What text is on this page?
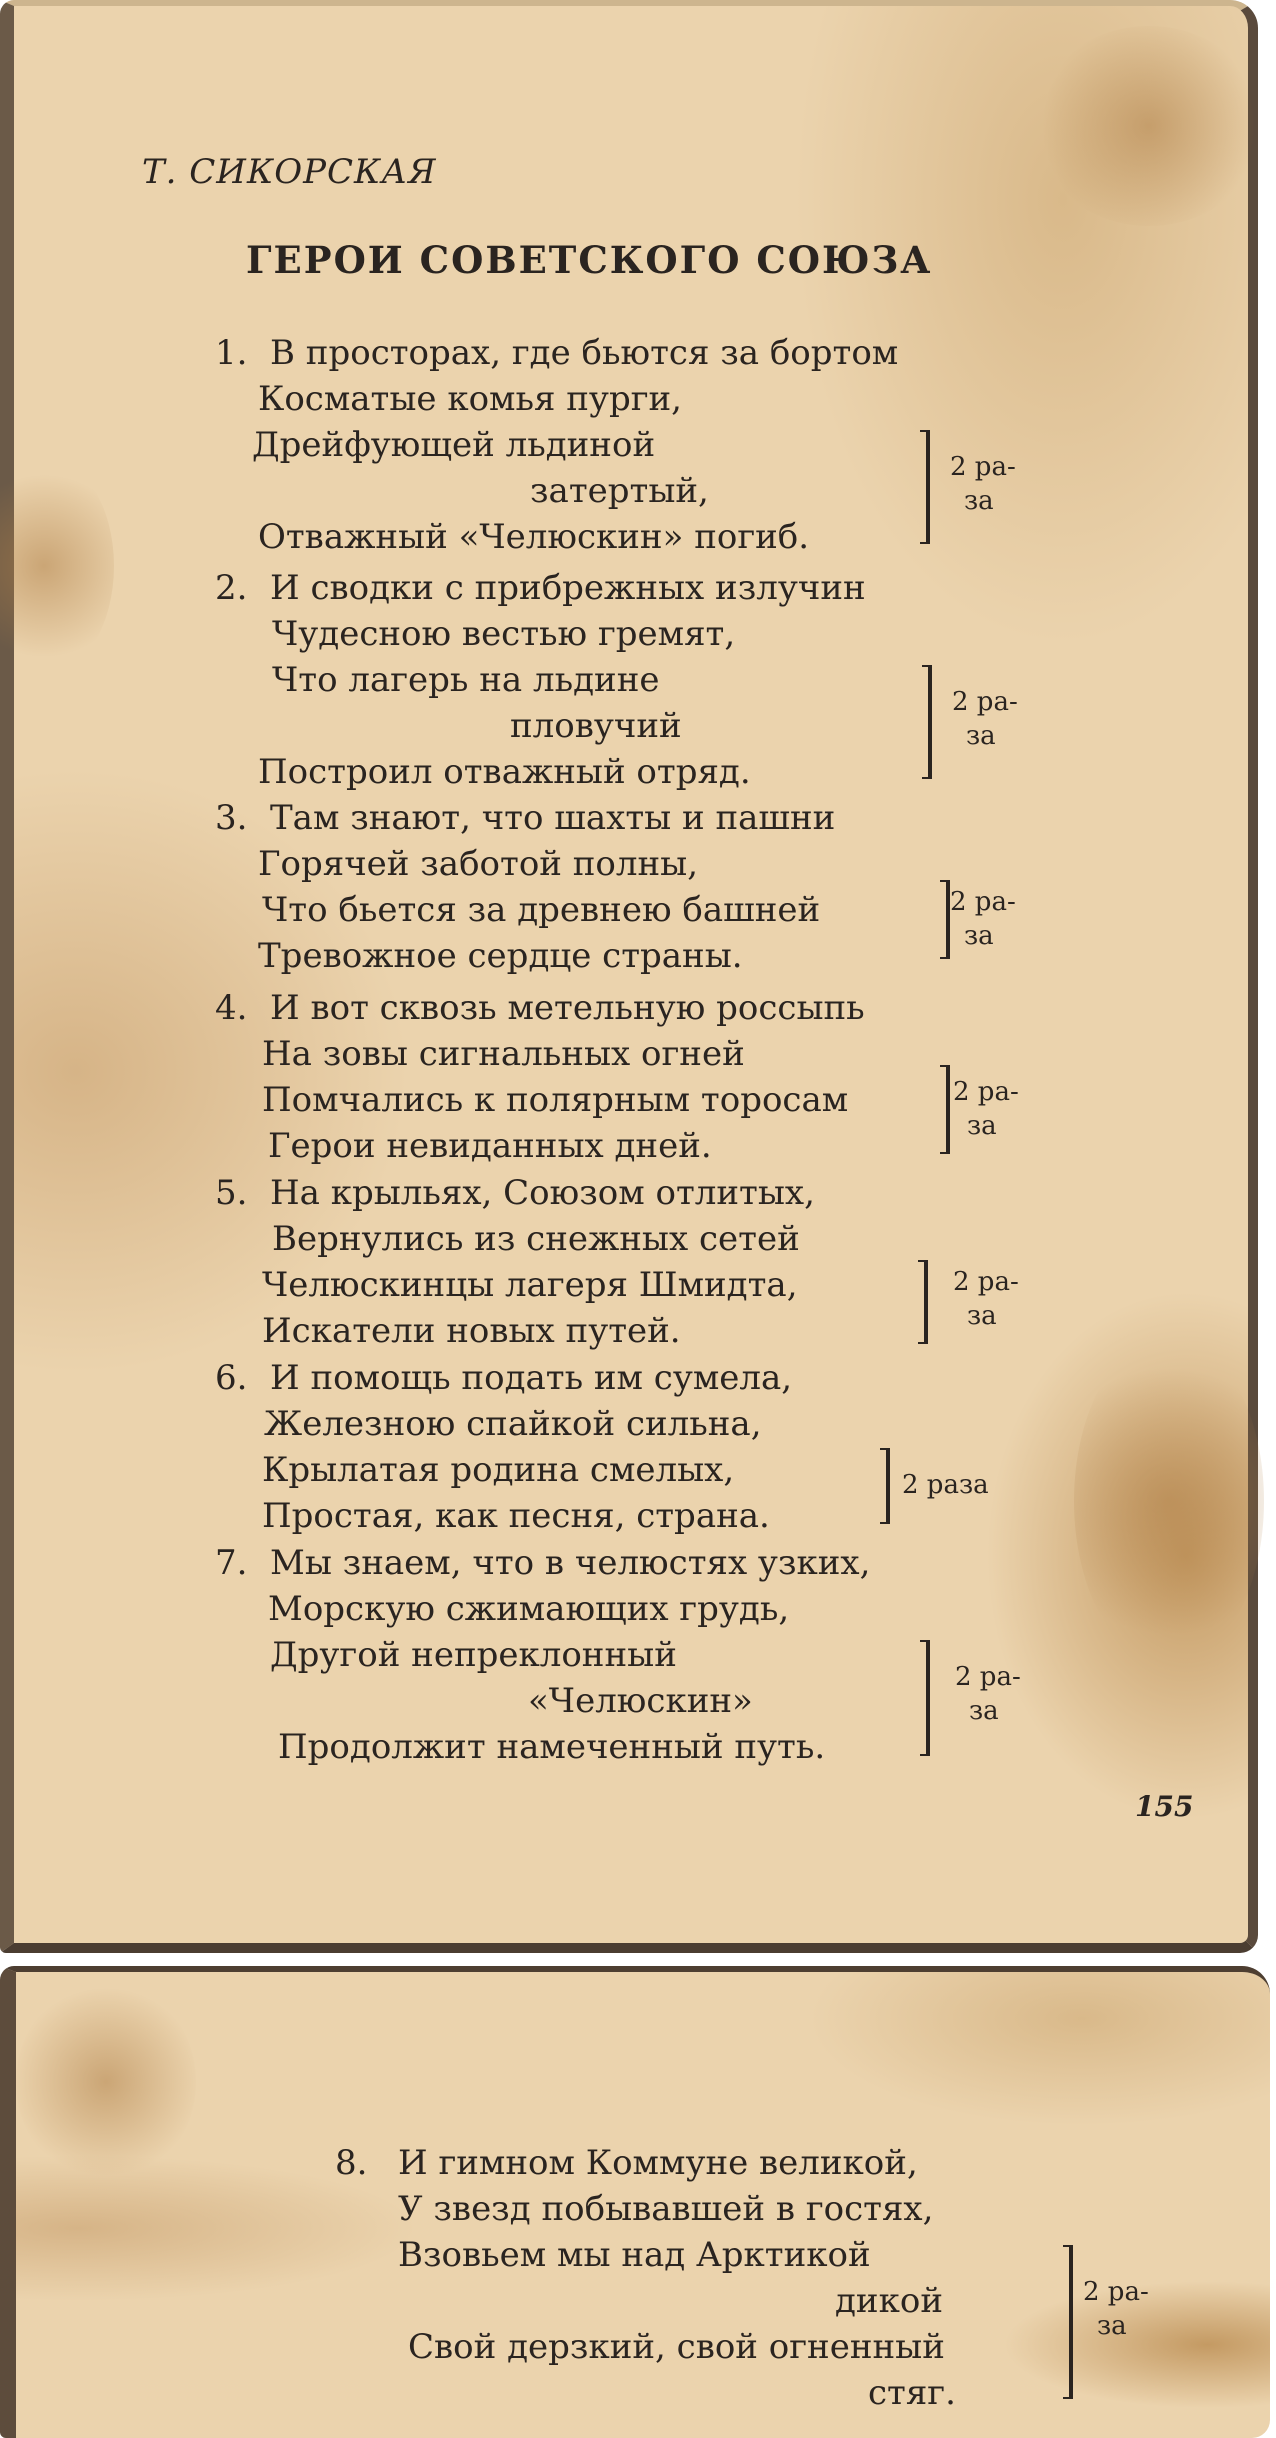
Т. СИКОРСКАЯ
ГЕРОИ СОВЕТСКОГО СОЮЗА
155
1. В просторах, где бьются за бортом
Косматые комья пурги,
Дрейфующей льдиной
затертый,
Отважный «Челюскин» погиб.
2 ра-
за
2. И сводки с прибрежных излучин
Чудесною вестью гремят,
Что лагерь на льдине
пловучий
Построил отважный отряд.
2 ра-
за
3. Там знают, что шахты и пашни
Горячей заботой полны,
Что бьется за древнею башней
Тревожное сердце страны.
2 ра-
за
4. И вот сквозь метельную россыпь
На зовы сигнальных огней
Помчались к полярным торосам
Герои невиданных дней.
2 ра-
за
5. На крыльях, Союзом отлитых,
Вернулись из снежных сетей
Челюскинцы лагеря Шмидта,
Искатели новых путей.
2 ра-
за
6. И помощь подать им сумела,
Железною спайкой сильна,
Крылатая родина смелых,
Простая, как песня, страна.
2 раза
7. Мы знаем, что в челюстях узких,
Морскую сжимающих грудь,
Другой непреклонный
«Челюскин»
Продолжит намеченный путь.
2 ра-
за
8. И гимном Коммуне великой,
У звезд побывавшей в гостях,
Взовьем мы над Арктикой
дикой
Свой дерзкий, свой огненный
стяг.
2 ра-
за
